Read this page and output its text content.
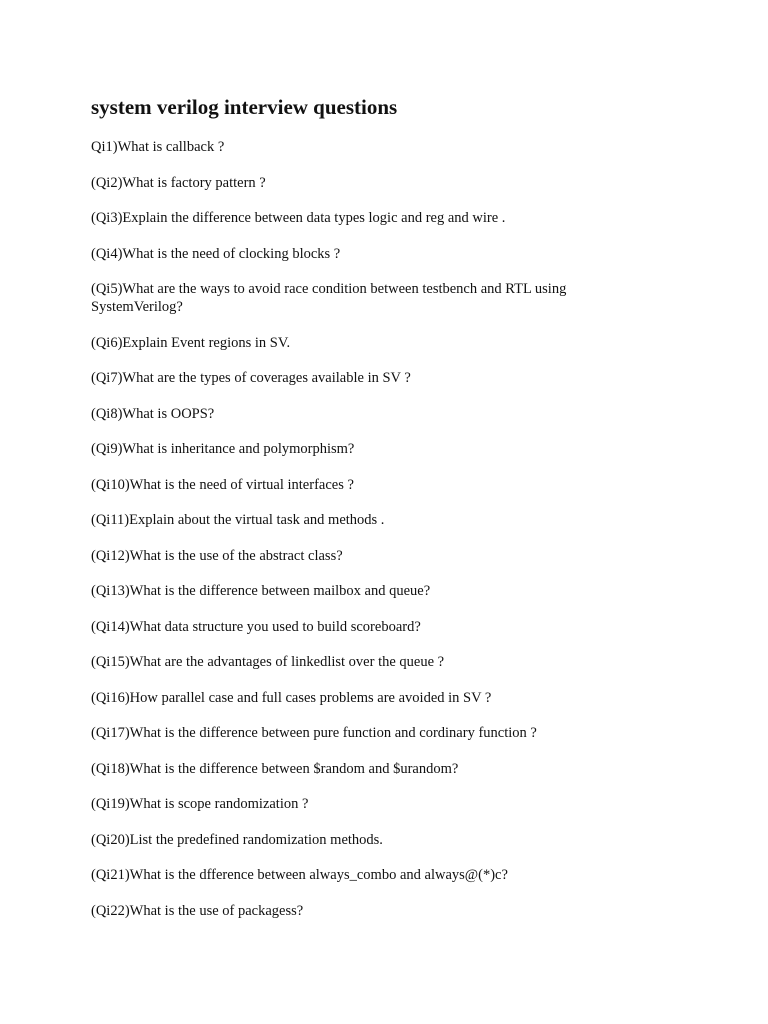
system verilog interview questions
Qi1)What is callback ?
(Qi2)What is factory pattern ?
(Qi3)Explain the difference between data types logic and reg and wire .
(Qi4)What is the need of clocking blocks ?
(Qi5)What are the ways to avoid race condition between testbench and RTL using SystemVerilog?
(Qi6)Explain Event regions in SV.
(Qi7)What are the types of coverages available in SV ?
(Qi8)What is OOPS?
(Qi9)What is inheritance and polymorphism?
(Qi10)What is the need of virtual interfaces ?
(Qi11)Explain about the virtual task and methods .
(Qi12)What is the use of the abstract class?
(Qi13)What is the difference between mailbox and queue?
(Qi14)What data structure you used to build scoreboard?
(Qi15)What are the advantages of linkedlist over the queue ?
(Qi16)How parallel case and full cases problems are avoided in SV ?
(Qi17)What is the difference between pure function and cordinary function ?
(Qi18)What is the difference between $random and $urandom?
(Qi19)What is scope randomization ?
(Qi20)List the predefined randomization methods.
(Qi21)What is the dfference between always_combo and always@(*)c?
(Qi22)What is the use of packagess?
